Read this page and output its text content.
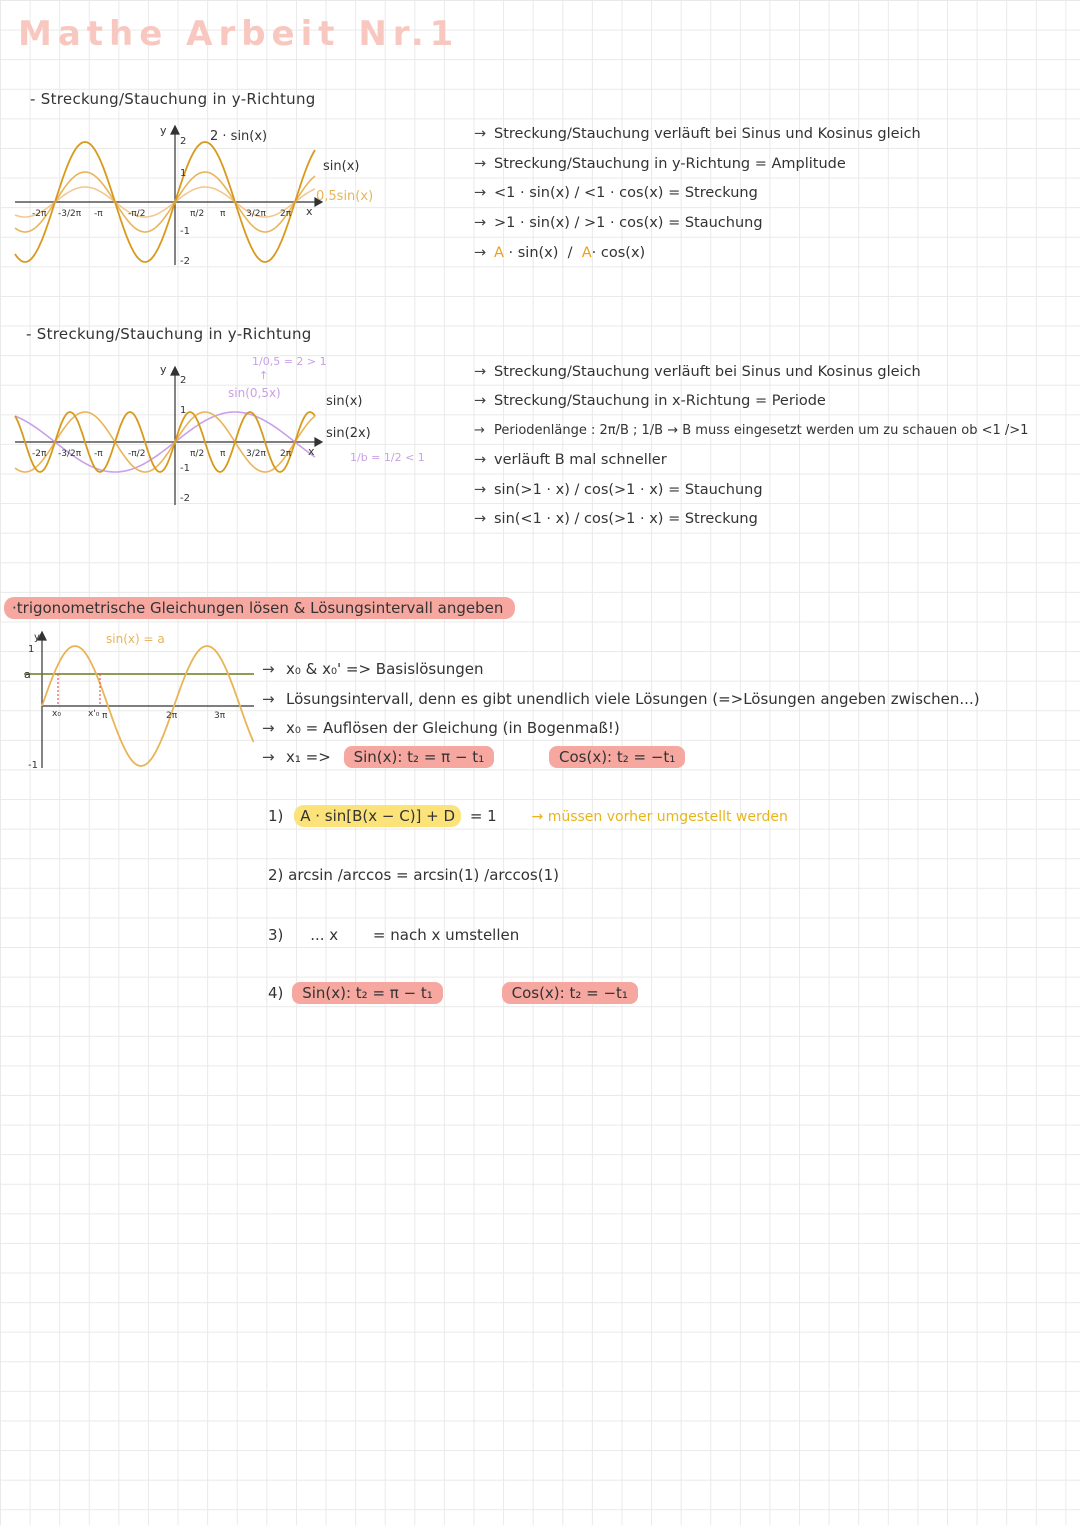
Mathe Arbeit Nr.1
- Streckung/Stauchung in y-Richtung
2 · sin(x)
sin(x)
0,5sin(x)
y
x
2
1
-1
-2
-2π -3/2π -π	-π/2	π/2 π 3/2π 2π
→ Streckung/Stauchung verläuft bei Sinus und Kosinus gleich
→ Streckung/Stauchung in y-Richtung = Amplitude
→ <1 · sin(x) / <1 · cos(x) = Streckung
→ >1 · sin(x) / >1 · cos(x) = Stauchung
→ A · sin(x) / A· cos(x)
- Streckung/Stauchung in y-Richtung
1/0,5 = 2 > 1
↑
sin(0,5x)
sin(x)
sin(2x)
1/b = 1/2 < 1
y
x
2
1
-1
-2
-2π -3/2π -π	-π/2	π/2 π 3/2π 2π
→ Streckung/Stauchung verläuft bei Sinus und Kosinus gleich
→ Streckung/Stauchung in x-Richtung = Periode
→ Periodenlänge : 2π/B ; 1/B → B muss eingesetzt werden um zu schauen ob <1 />1
→ verläuft B mal schneller
→ sin(>1 · x) / cos(>1 · x) = Stauchung
→ sin(<1 · x) / cos(>1 · x) = Streckung
·trigonometrische Gleichungen lösen & Lösungsintervall angeben
sin(x) = a
a
y
1
-1
x₀	x'₀ π	2π	3π
→ x₀ & x₀' => Basislösungen
→ Lösungsintervall, denn es gibt unendlich viele Lösungen (=>Lösungen angeben zwischen...)
→ x₀ = Auflösen der Gleichung (in Bogenmaß!)
→ x₁ => Sin(x): t₂ = π − t₁	Cos(x): t₂ = −t₁
1) A · sin[B(x − C)] + D = 1 → müssen vorher umgestellt werden
2) arcsin /arccos = arcsin(1) /arccos(1)
3) ... x = nach x umstellen
4) Sin(x): t₂ = π − t₁	Cos(x): t₂ = −t₁
